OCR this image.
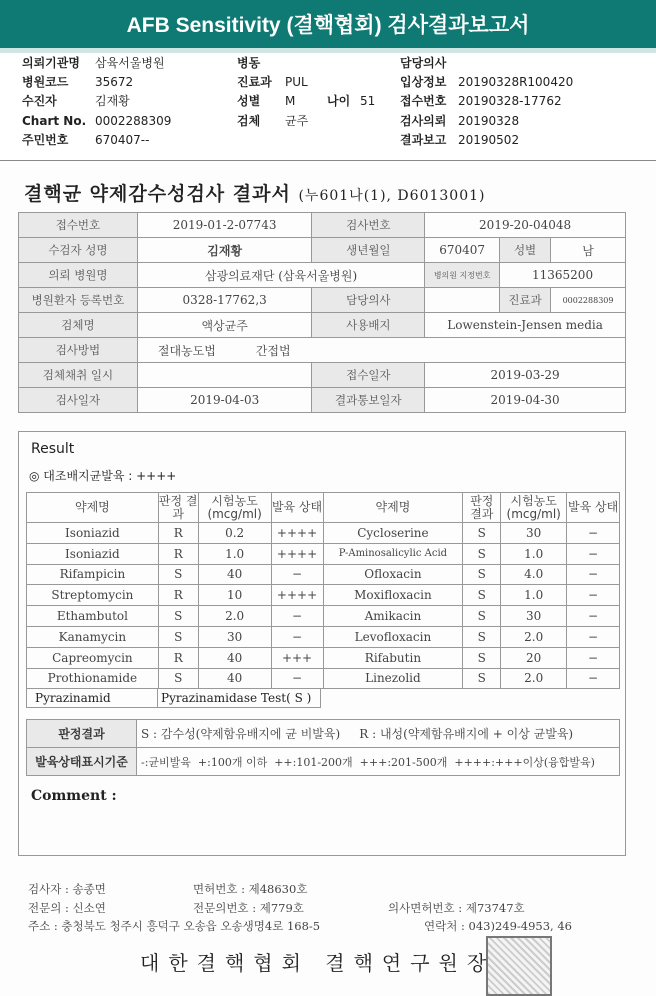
AFB Sensitivity (결핵협회) 검사결과보고서
의뢰기관명 삼육서울병원
병원코드 35672
수진자	김재황
Chart No. 0002288309
주민번호 670407--
병동
진료과 PUL
성별 M	나이 51
검체 균주
담당의사
입상정보 20190328R100420
접수번호 20190328-17762
검사의뢰 20190328
결과보고 20190502
결핵균 약제감수성검사 결과서 (누601나(1), D6013001)
접수번호	2019-01-2-07743	검사번호	2019-20-04048		
수검자 성명	김재황	생년월일	670407	성별	남
의뢰 병원명	삼광의료재단 (삼육서울병원)		병의원 지정번호	11365200	
병원환자 등록번호	0328-17762,3	담당의사		진료과	0002288309
검체명	액상균주	사용배지	Lowenstein-Jensen media		
검사방법	절대농도법 간접법				
검체채취 일시		접수일자	2019-03-29		
검사일자	2019-04-03	결과통보일자	2019-04-30		
Result
◎ 대조배지균발육 : ++++
약제명	판정 결과	시험농도 (mcg/ml)	발육 상태	약제명	판정 결과	시험농도 (mcg/ml)	발육 상태
Isoniazid	R	0.2	++++	Cycloserine	S	30	−
Isoniazid	R	1.0	++++	P-Aminosalicylic Acid	S	1.0	−
Rifampicin	S	40	−	Ofloxacin	S	4.0	−
Streptomycin	R	10	++++	Moxifloxacin	S	1.0	−
Ethambutol	S	2.0	−	Amikacin	S	30	−
Kanamycin	S	30	−	Levofloxacin	S	2.0	−
Capreomycin	R	40	+++	Rifabutin	S	20	−
Prothionamide	S	40	−	Linezolid	S	2.0	−
Pyrazinamid	Pyrazinamidase Test( S )
판정결과	S : 감수성(약제함유배지에 균 비발육)     R : 내성(약제함유배지에 + 이상 균발육)
발육상태표시기준	-:균비발육  +:100개 이하  ++:101-200개  +++:201-500개  ++++:+++이상(융합발육)
Comment :
검사자 : 송종면	면허번호 : 제48630호
전문의 : 신소연	전문의번호 : 제779호	의사면허번호 : 제73747호
주소 : 충청북도 청주시 흥덕구 오송읍 오송생명4로 168-5	연락처 : 043)249-4953, 46
대한결핵협회 결핵연구원장
